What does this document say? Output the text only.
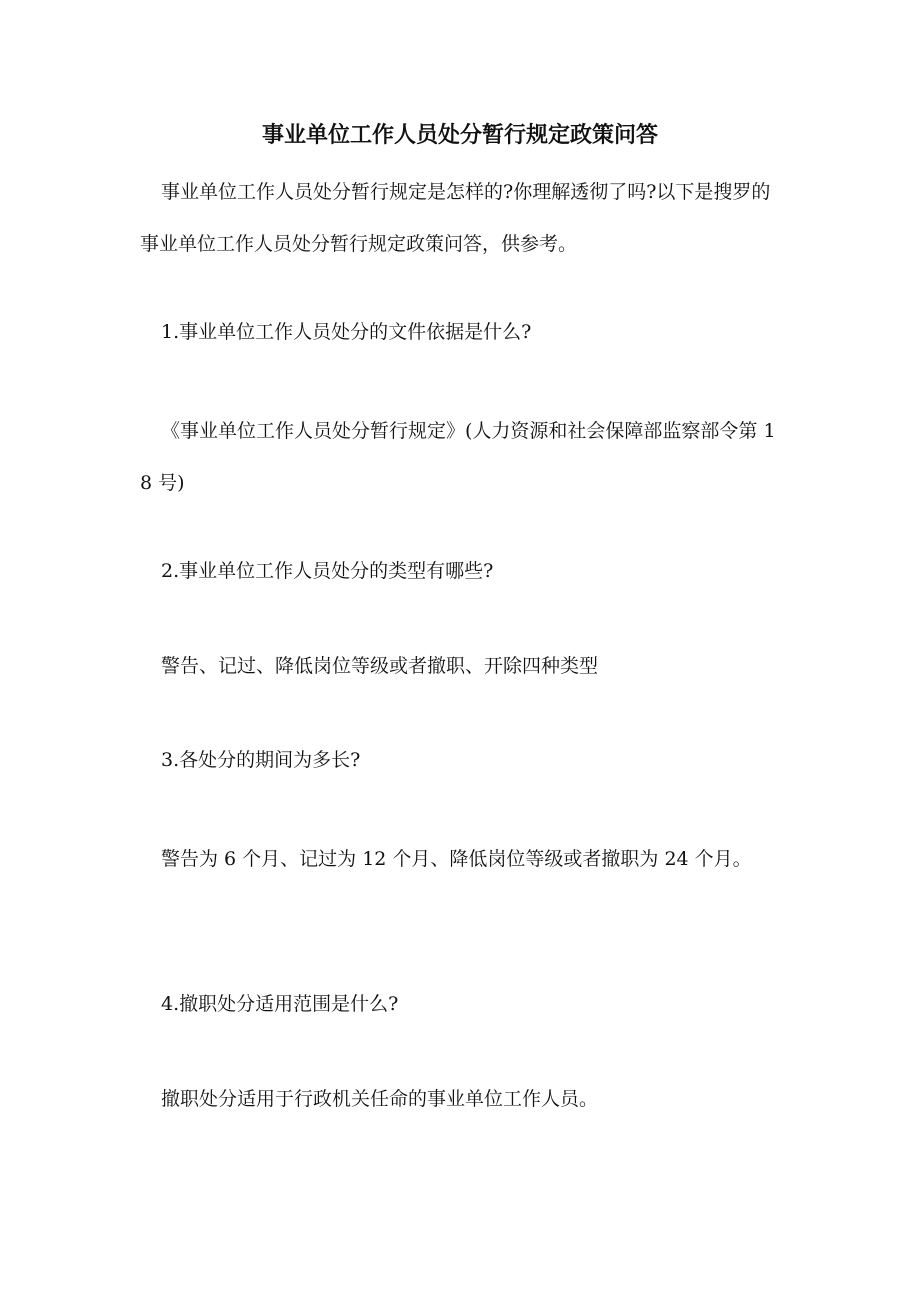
事业单位工作人员处分暂行规定政策问答
事业单位工作人员处分暂行规定是怎样的?你理解透彻了吗?以下是搜罗的事业单位工作人员处分暂行规定政策问答，供参考。
1.事业单位工作人员处分的文件依据是什么?
《事业单位工作人员处分暂行规定》(人力资源和社会保障部监察部令第 18 号)
2.事业单位工作人员处分的类型有哪些?
警告、记过、降低岗位等级或者撤职、开除四种类型
3.各处分的期间为多长?
警告为 6 个月、记过为 12 个月、降低岗位等级或者撤职为 24 个月。
4.撤职处分适用范围是什么?
撤职处分适用于行政机关任命的事业单位工作人员。
